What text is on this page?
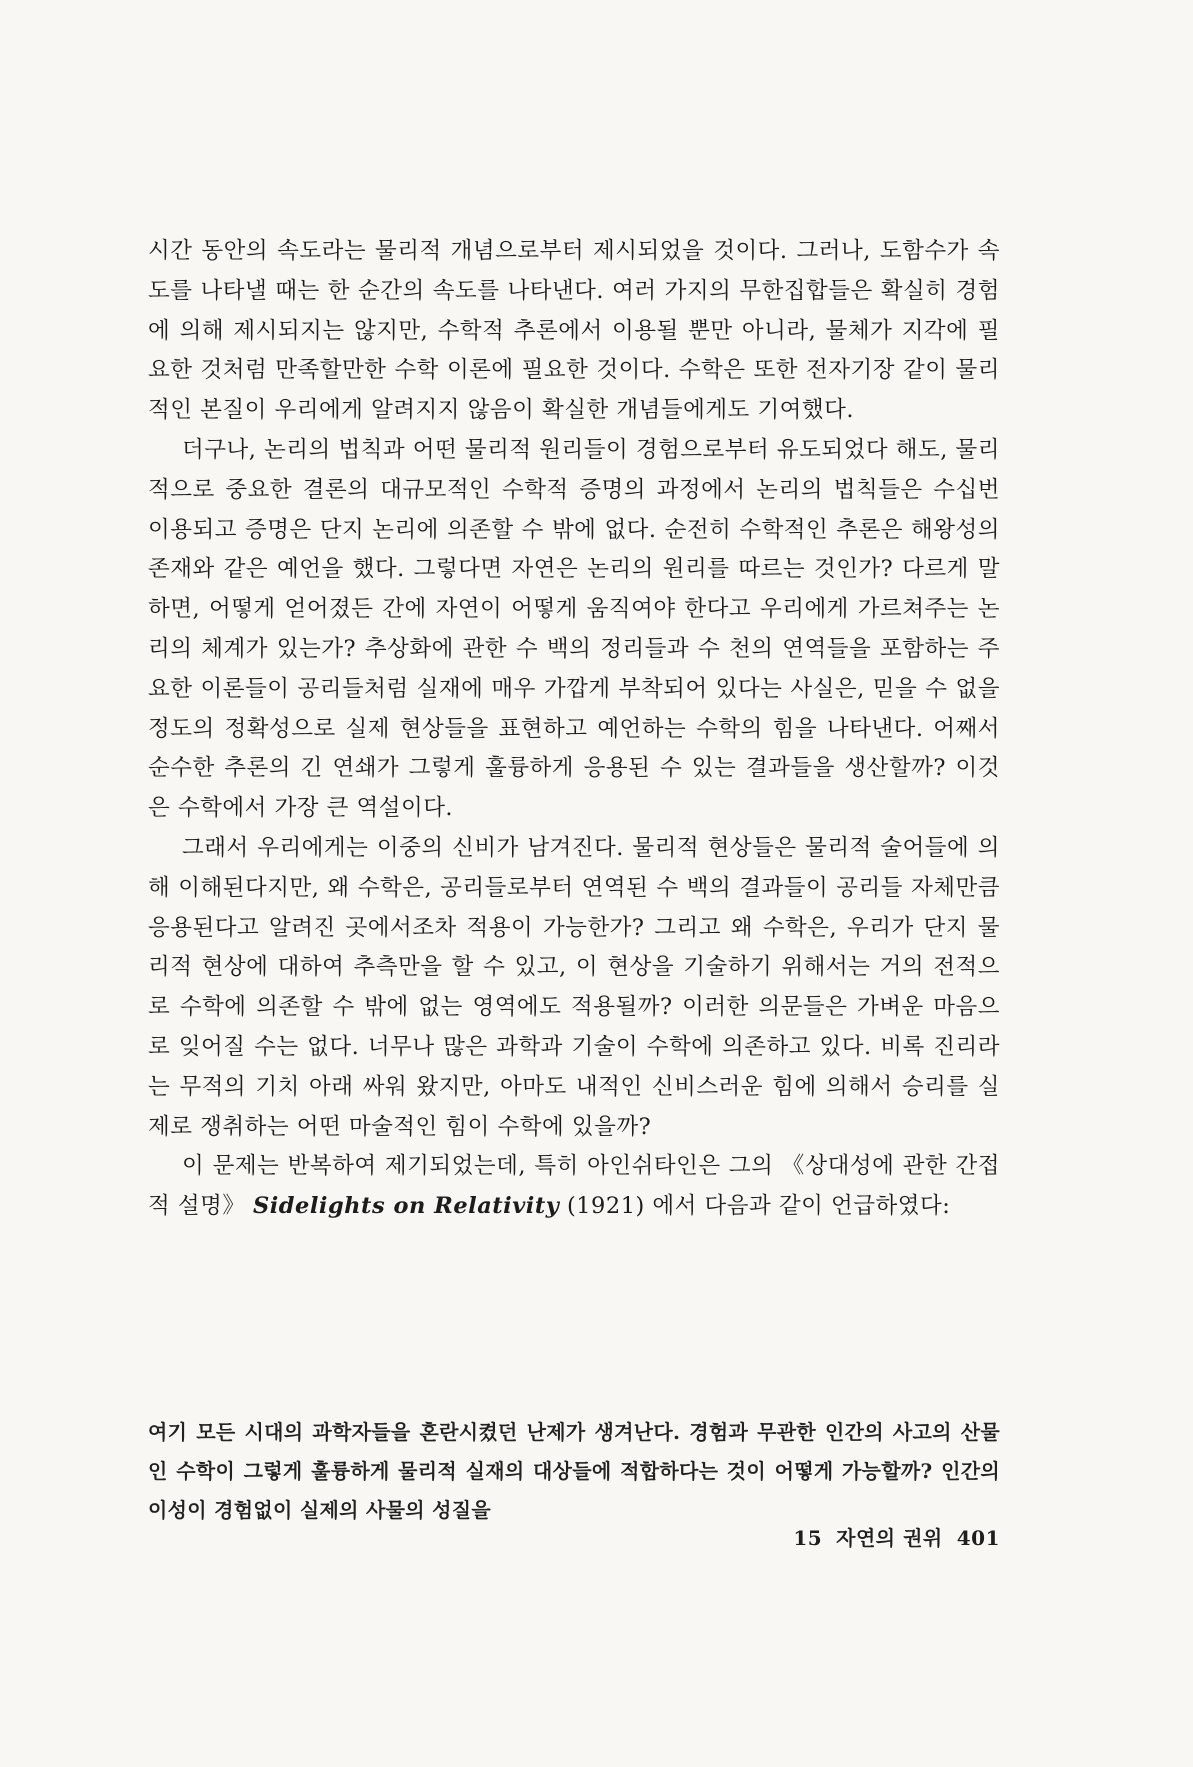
시간 동안의 속도라는 물리적 개념으로부터 제시되었을 것이다. 그러나, 도함수가 속도를 나타낼 때는 한 순간의 속도를 나타낸다. 여러 가지의 무한집합들은 확실히 경험에 의해 제시되지는 않지만, 수학적 추론에서 이용될 뿐만 아니라, 물체가 지각에 필요한 것처럼 만족할만한 수학 이론에 필요한 것이다. 수학은 또한 전자기장 같이 물리적인 본질이 우리에게 알려지지 않음이 확실한 개념들에게도 기여했다.

더구나, 논리의 법칙과 어떤 물리적 원리들이 경험으로부터 유도되었다 해도, 물리적으로 중요한 결론의 대규모적인 수학적 증명의 과정에서 논리의 법칙들은 수십번 이용되고 증명은 단지 논리에 의존할 수 밖에 없다. 순전히 수학적인 추론은 해왕성의 존재와 같은 예언을 했다. 그렇다면 자연은 논리의 원리를 따르는 것인가? 다르게 말하면, 어떻게 얻어졌든 간에 자연이 어떻게 움직여야 한다고 우리에게 가르쳐주는 논리의 체계가 있는가? 추상화에 관한 수 백의 정리들과 수 천의 연역들을 포함하는 주요한 이론들이 공리들처럼 실재에 매우 가깝게 부착되어 있다는 사실은, 믿을 수 없을 정도의 정확성으로 실제 현상들을 표현하고 예언하는 수학의 힘을 나타낸다. 어째서 순수한 추론의 긴 연쇄가 그렇게 훌륭하게 응용된 수 있는 결과들을 생산할까? 이것은 수학에서 가장 큰 역설이다.

그래서 우리에게는 이중의 신비가 남겨진다. 물리적 현상들은 물리적 술어들에 의해 이해된다지만, 왜 수학은, 공리들로부터 연역된 수 백의 결과들이 공리들 자체만큼 응용된다고 알려진 곳에서조차 적용이 가능한가? 그리고 왜 수학은, 우리가 단지 물리적 현상에 대하여 추측만을 할 수 있고, 이 현상을 기술하기 위해서는 거의 전적으로 수학에 의존할 수 밖에 없는 영역에도 적용될까? 이러한 의문들은 가벼운 마음으로 잊어질 수는 없다. 너무나 많은 과학과 기술이 수학에 의존하고 있다. 비록 진리라는 무적의 기치 아래 싸워 왔지만, 아마도 내적인 신비스러운 힘에 의해서 승리를 실제로 쟁취하는 어떤 마술적인 힘이 수학에 있을까?

이 문제는 반복하여 제기되었는데, 특히 아인쉬타인은 그의 《상대성에 관한 간접적 설명》 Sidelights on Relativity (1921) 에서 다음과 같이 언급하였다:

여기 모든 시대의 과학자들을 혼란시켰던 난제가 생겨난다. 경험과 무관한 인간의 사고의 산물인 수학이 그렇게 훌륭하게 물리적 실재의 대상들에 적합하다는 것이 어떻게 가능할까? 인간의 이성이 경험없이 실제의 사물의 성질을

15 자연의 권위 401
